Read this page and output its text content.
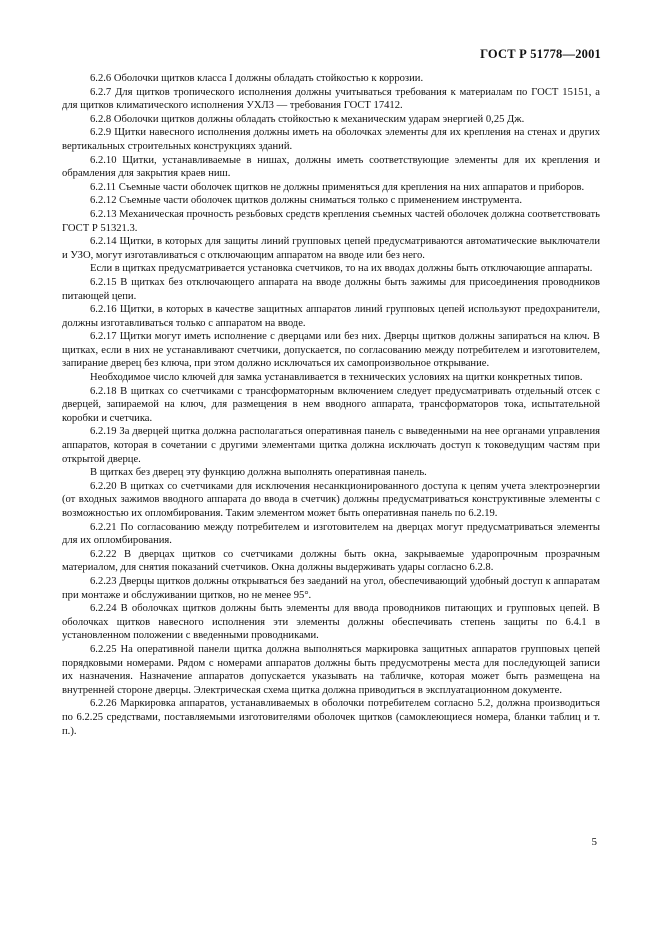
ГОСТ Р 51778—2001

6.2.6 Оболочки щитков класса I должны обладать стойкостью к коррозии.

6.2.7 Для щитков тропического исполнения должны учитываться требования к материалам по ГОСТ 15151, а для щитков климатического исполнения УХЛ3 — требования ГОСТ 17412.

6.2.8 Оболочки щитков должны обладать стойкостью к механическим ударам энергией 0,25 Дж.

6.2.9 Щитки навесного исполнения должны иметь на оболочках элементы для их крепления на стенах и других вертикальных строительных конструкциях зданий.

6.2.10 Щитки, устанавливаемые в нишах, должны иметь соответствующие элементы для их крепления и обрамления для закрытия краев ниш.

6.2.11 Съемные части оболочек щитков не должны применяться для крепления на них аппаратов и приборов.

6.2.12 Съемные части оболочек щитков должны сниматься только с применением инструмента.

6.2.13 Механическая прочность резьбовых средств крепления съемных частей оболочек должна соответствовать ГОСТ Р 51321.3.

6.2.14 Щитки, в которых для защиты линий групповых цепей предусматриваются автоматические выключатели и УЗО, могут изготавливаться с отключающим аппаратом на вводе или без него.

Если в щитках предусматривается установка счетчиков, то на их вводах должны быть отключающие аппараты.

6.2.15 В щитках без отключающего аппарата на вводе должны быть зажимы для присоединения проводников питающей цепи.

6.2.16 Щитки, в которых в качестве защитных аппаратов линий групповых цепей используют предохранители, должны изготавливаться только с аппаратом на вводе.

6.2.17 Щитки могут иметь исполнение с дверцами или без них. Дверцы щитков должны запираться на ключ. В щитках, если в них не устанавливают счетчики, допускается, по согласованию между потребителем и изготовителем, запирание дверец без ключа, при этом должно исключаться их самопроизвольное открывание.

Необходимое число ключей для замка устанавливается в технических условиях на щитки конкретных типов.

6.2.18 В щитках со счетчиками с трансформаторным включением следует предусматривать отдельный отсек с дверцей, запираемой на ключ, для размещения в нем вводного аппарата, трансформаторов тока, испытательной коробки и счетчика.

6.2.19 За дверцей щитка должна располагаться оперативная панель с выведенными на нее органами управления аппаратов, которая в сочетании с другими элементами щитка должна исключать доступ к токоведущим частям при открытой дверце.

В щитках без дверец эту функцию должна выполнять оперативная панель.

6.2.20 В щитках со счетчиками для исключения несанкционированного доступа к цепям учета электроэнергии (от входных зажимов вводного аппарата до ввода в счетчик) должны предусматриваться конструктивные элементы с возможностью их опломбирования. Таким элементом может быть оперативная панель по 6.2.19.

6.2.21 По согласованию между потребителем и изготовителем на дверцах могут предусматриваться элементы для их опломбирования.

6.2.22 В дверцах щитков со счетчиками должны быть окна, закрываемые ударопрочным прозрачным материалом, для снятия показаний счетчиков. Окна должны выдерживать удары согласно 6.2.8.

6.2.23 Дверцы щитков должны открываться без заеданий на угол, обеспечивающий удобный доступ к аппаратам при монтаже и обслуживании щитков, но не менее 95°.

6.2.24 В оболочках щитков должны быть элементы для ввода проводников питающих и групповых цепей. В оболочках щитков навесного исполнения эти элементы должны обеспечивать степень защиты по 6.4.1 в установленном положении с введенными проводниками.

6.2.25 На оперативной панели щитка должна выполняться маркировка защитных аппаратов групповых цепей порядковыми номерами. Рядом с номерами аппаратов должны быть предусмотрены места для последующей записи их назначения. Назначение аппаратов допускается указывать на табличке, которая может быть размещена на внутренней стороне дверцы. Электрическая схема щитка должна приводиться в эксплуатационном документе.

6.2.26 Маркировка аппаратов, устанавливаемых в оболочки потребителем согласно 5.2, должна производиться по 6.2.25 средствами, поставляемыми изготовителями оболочек щитков (самоклеющиеся номера, бланки таблиц и т. п.).

5
